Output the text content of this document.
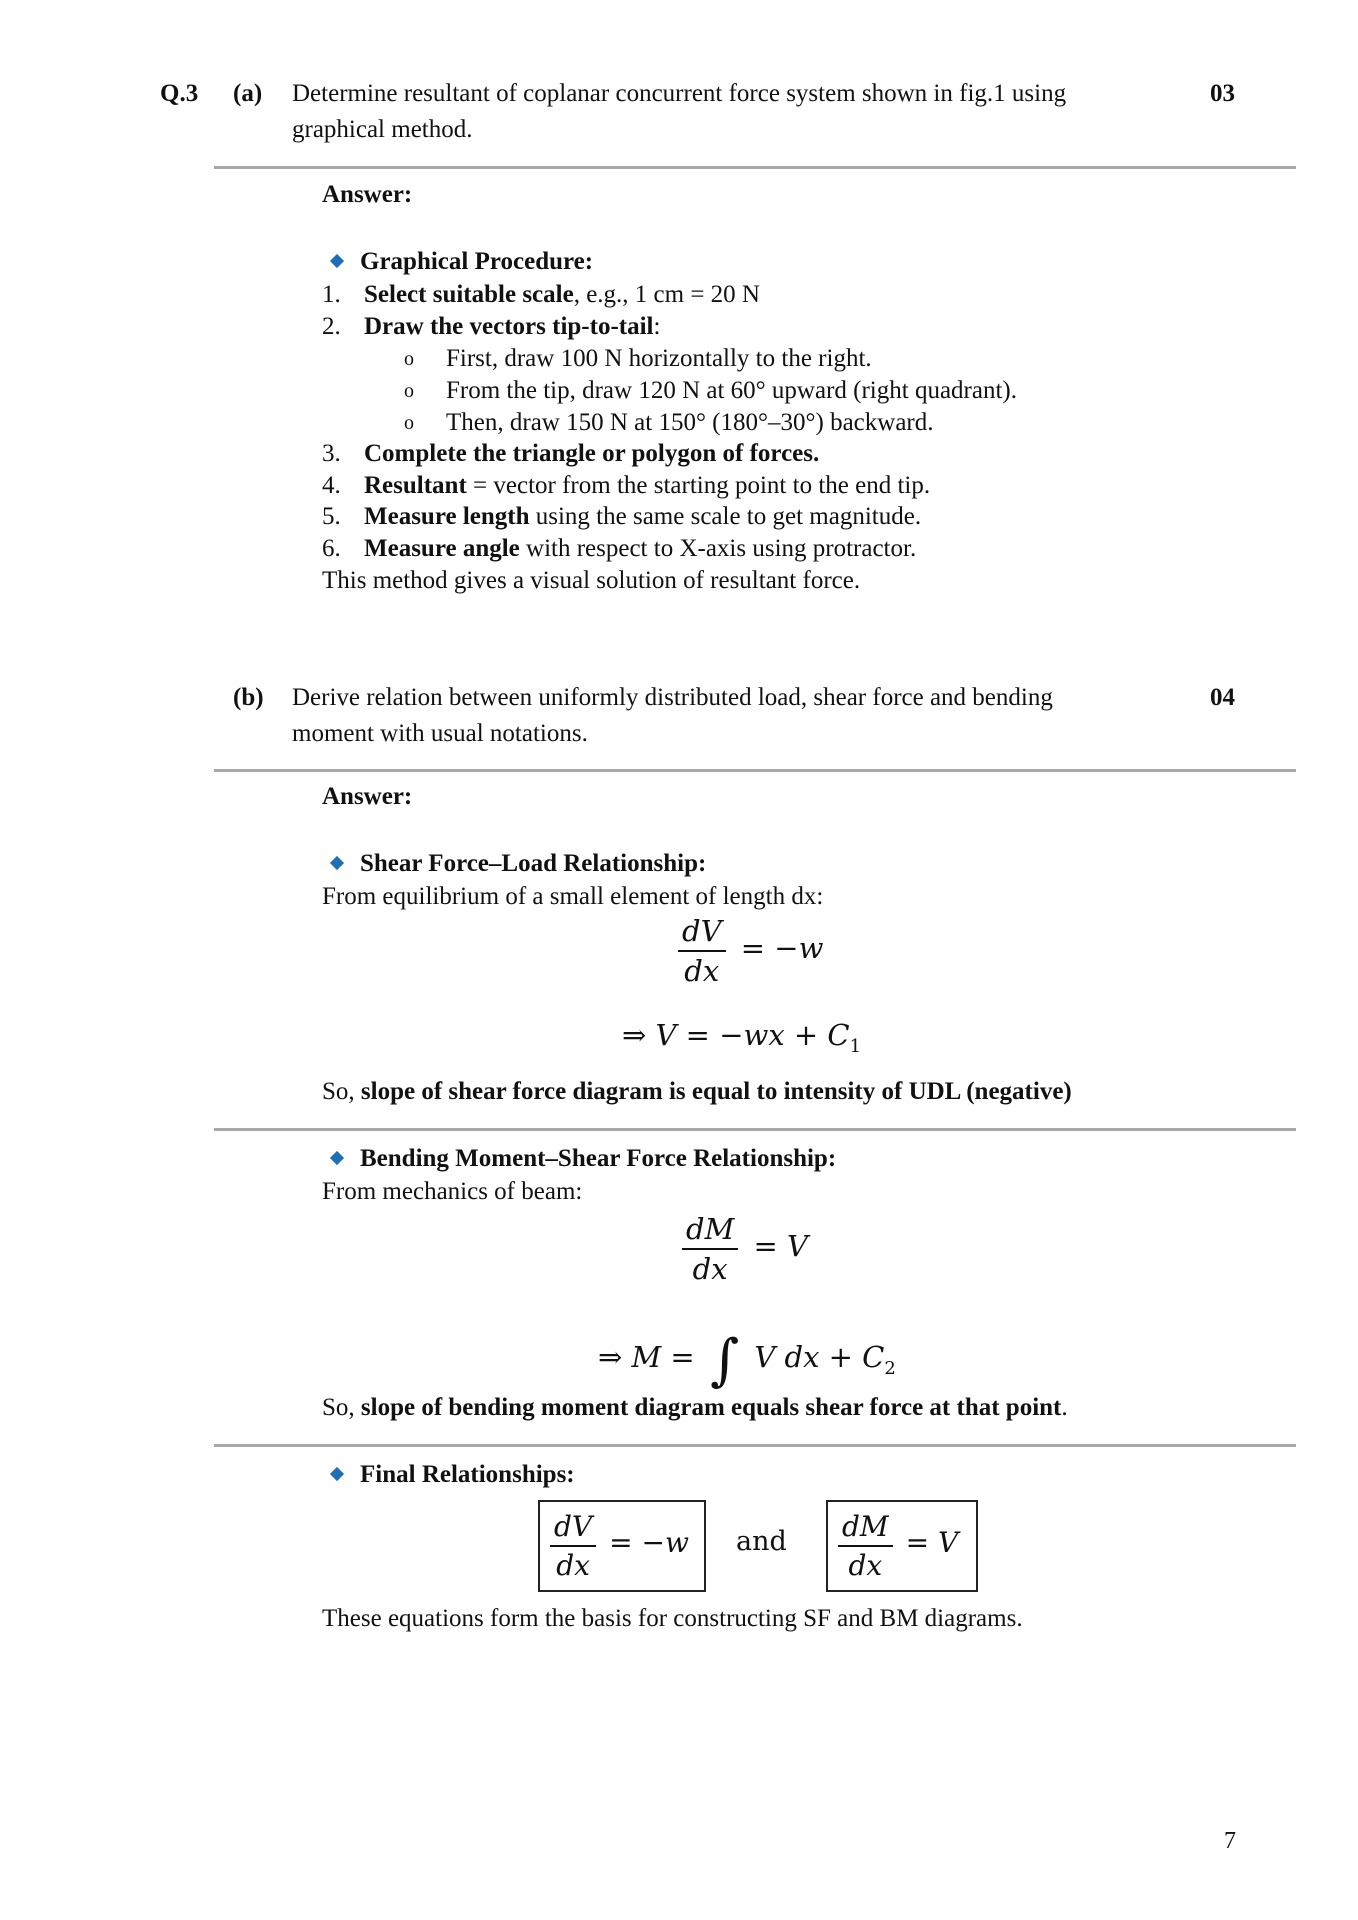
Q.3 (a) Determine resultant of coplanar concurrent force system shown in fig.1 using
graphical method.
03
Answer:
Graphical Procedure:
1. Select suitable scale, e.g., 1 cm = 20 N
2. Draw the vectors tip-to-tail:
o First, draw 100 N horizontally to the right.
o From the tip, draw 120 N at 60° upward (right quadrant).
o Then, draw 150 N at 150° (180°–30°) backward.
3. Complete the triangle or polygon of forces.
4. Resultant = vector from the starting point to the end tip.
5. Measure length using the same scale to get magnitude.
6. Measure angle with respect to X-axis using protractor.
This method gives a visual solution of resultant force.
(b) Derive relation between uniformly distributed load, shear force and bending
moment with usual notations.
04
Answer:
Shear Force–Load Relationship:
From equilibrium of a small element of length dx:
$\frac{dV}{dx} = -w$
⇒ $V = -wx + C_1$
So, slope of shear force diagram is equal to intensity of UDL (negative)
Bending Moment–Shear Force Relationship:
From mechanics of beam:
$\frac{dM}{dx} = V$
⇒ M = ∫ V dx + $C_2$
So, slope of bending moment diagram equals shear force at that point.
Final Relationships:
$\frac{dV}{dx} = -w$ and $\frac{dM}{dx} = V$
These equations form the basis for constructing SF and BM diagrams.
7
